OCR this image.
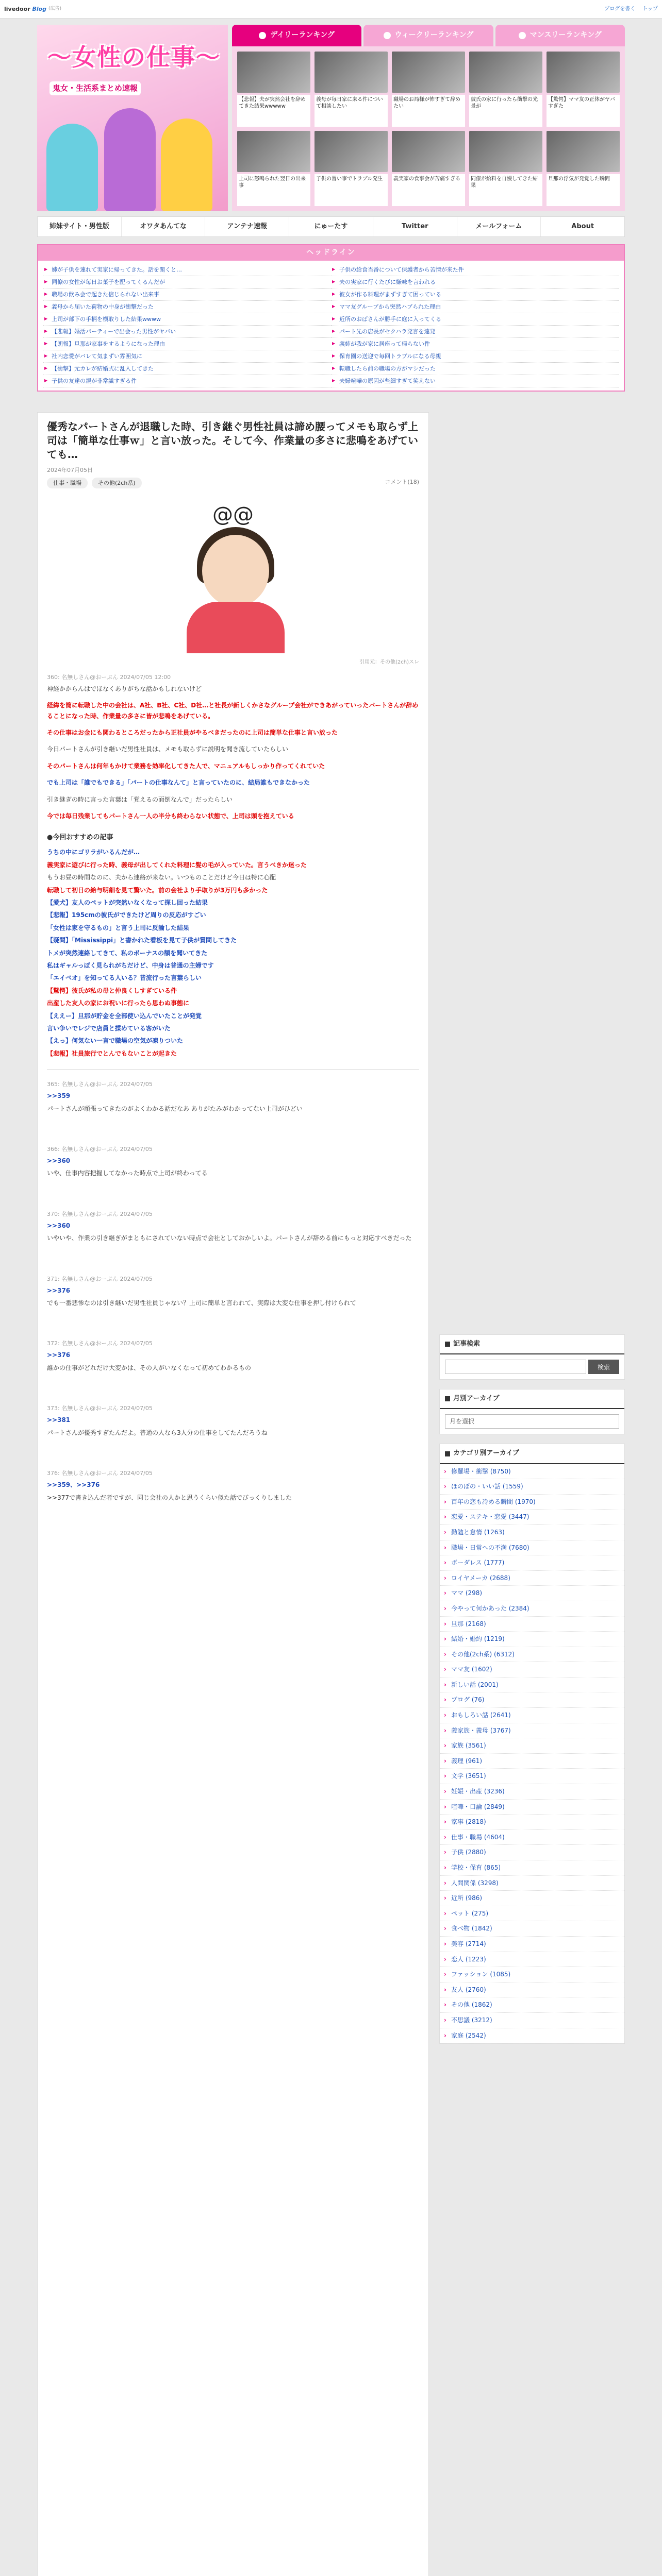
livedoor Blog (広告)	ブログを書く トップ
〜女性の仕事〜
鬼女・生活系まとめ速報
デイリーランキング	ウィークリーランキング	マンスリーランキング
【悲報】夫が突然会社を辞めてきた結果wwwww
義母が毎日家に来る件について相談したい
職場のお局様が怖すぎて辞めたい
彼氏の家に行ったら衝撃の光景が
【驚愕】ママ友の正体がヤバすぎた
上司に怒鳴られた翌日の出来事
子供の習い事でトラブル発生	義実家の食事会が苦痛すぎる	同僚が給料を自慢してきた結果
旦那の浮気が発覚した瞬間
姉妹サイト・男性版	オワタあんてな	アンテナ速報	にゅーたす	Twitter	メールフォーム	About
ヘッドライン
▶ 姉が子供を連れて実家に帰ってきた。話を聞くと…	▶ 子供の給食当番について保護者から苦情が来た件
▶ 同僚の女性が毎日お菓子を配ってくるんだが	▶ 夫の実家に行くたびに嫌味を言われる
▶ 職場の飲み会で起きた信じられない出来事	▶ 彼女が作る料理がまずすぎて困っている
▶ 義母から届いた荷物の中身が衝撃だった	▶ ママ友グループから突然ハブられた理由
▶ 上司が部下の手柄を横取りした結果wwww	▶ 近所のおばさんが勝手に庭に入ってくる
▶ 【悲報】婚活パーティーで出会った男性がヤバい	▶ パート先の店長がセクハラ発言を連発
▶ 【朗報】旦那が家事をするようになった理由	▶ 義姉が我が家に居座って帰らない件
▶ 社内恋愛がバレて気まずい雰囲気に	▶ 保育園の送迎で毎回トラブルになる母親
▶ 【衝撃】元カレが結婚式に乱入してきた	▶ 転職したら前の職場の方がマシだった
▶ 子供の友達の親が非常識すぎる件	▶ 夫婦喧嘩の原因が些細すぎて笑えない
優秀なパートさんが退職した時、引き継ぐ男性社員は諦め腰ってメモも取らず上司は「簡単な仕事ｗ」と言い放った。そして今、作業量の多さに悲鳴をあげていても…
2024年07月05日
仕事・職場	その他(2ch系)	コメント(18)
@@
引用元：その他(2ch)スレ
360: 名無しさん@おーぷん 2024/07/05 12:00
神経かからんはでほなくありがちな話かもしれないけど
経緯を簡に転職した中の会社は、A社、B社、C社、D社…と社長が新しくかさなグループ会社ができあがっていったパートさんが辞めることになった時、作業量の多さに皆が悲鳴をあげている。
その仕事はお金にも関わるところだったから正社員がやるべきだったのに上司は簡単な仕事と言い放った
今日パートさんが引き継いだ男性社員は、メモも取らずに説明を聞き流していたらしい
そのパートさんは何年もかけて業務を効率化してきた人で、マニュアルもしっかり作ってくれていた
でも上司は「誰でもできる」「パートの仕事なんて」と言っていたのに、結局誰もできなかった
引き継ぎの時に言った言葉は「覚えるの面倒なんで」だったらしい
今では毎日残業してもパートさん一人の半分も終わらない状態で、上司は頭を抱えている
●今回おすすめの記事
うちの中にゴリラがいるんだが…
義実家に遊びに行った時、義母が出してくれた料理に髪の毛が入っていた。言うべきか迷った
もうお昼の時間なのに、夫から連絡が来ない。いつものことだけど今日は特に心配
転職して初日の給与明細を見て驚いた。前の会社より手取りが3万円も多かった
【愛犬】友人のペットが突然いなくなって探し回った結果
【悲報】195cmの彼氏ができたけど周りの反応がすごい
「女性は家を守るもの」と言う上司に反論した結果
【疑問】「Mississippi」と書かれた看板を見て子供が質問してきた
トメが突然連絡してきて、私のボーナスの額を聞いてきた
私はギャルっぽく見られがちだけど、中身は普通の主婦です
「エイベオ」を知ってる人いる？昔流行った言葉らしい
【驚愕】彼氏が私の母と仲良くしすぎている件
出産した友人の家にお祝いに行ったら思わぬ事態に
【ええー】旦那が貯金を全部使い込んでいたことが発覚
言い争いでレジで店員と揉めている客がいた
【えっ】何気ない一言で職場の空気が凍りついた
【悲報】社員旅行でとんでもないことが起きた
365: 名無しさん@おーぷん 2024/07/05
>>359
パートさんが頑張ってきたのがよくわかる話だなあ ありがたみがわかってない上司がひどい
366: 名無しさん@おーぷん 2024/07/05
>>360
いや、仕事内容把握してなかった時点で上司が終わってる
370: 名無しさん@おーぷん 2024/07/05
>>360
いやいや、作業の引き継ぎがまともにされていない時点で会社としておかしいよ。パートさんが辞める前にもっと対応すべきだった
371: 名無しさん@おーぷん 2024/07/05
>>376
でも一番悲惨なのは引き継いだ男性社員じゃない？上司に簡単と言われて、実際は大変な仕事を押し付けられて
372: 名無しさん@おーぷん 2024/07/05
>>376
誰かの仕事がどれだけ大変かは、その人がいなくなって初めてわかるもの
373: 名無しさん@おーぷん 2024/07/05
>>381
パートさんが優秀すぎたんだよ。普通の人なら3人分の仕事をしてたんだろうね
376: 名無しさん@おーぷん 2024/07/05
>>359、>>376
>>377で書き込んだ者ですが、同じ会社の人かと思うくらい似た話でびっくりしました
記事検索
検索
月別アーカイブ
月を選択
カテゴリ別アーカイブ
› 修羅場・衝撃 (8750)
› ほのぼの・いい話 (1559)
› 百年の恋も冷める瞬間 (1970)
› 恋愛・ステキ・恋愛 (3447)
› 勤勉と怠惰 (1263)
› 職場・日常への不満 (7680)
› ボーダレス (1777)
› ロイヤメーカ (2688)
› ママ (298)
› 今やって何かあった (2384)
› 旦那 (2168)
› 結婚・婚約 (1219)
› その他(2ch系) (6312)
› ママ友 (1602)
› 新しい話 (2001)
› ブログ (76)
› おもしろい話 (2641)
› 義家族・義母 (3767)
› 家族 (3561)
› 義理 (961)
› 文学 (3651)
› 妊娠・出産 (3236)
› 喧嘩・口論 (2849)
› 家事 (2818)
› 仕事・職場 (4604)
› 子供 (2880)
› 学校・保育 (865)
› 人間関係 (3298)
› 近所 (986)
› ペット (275)
› 食べ物 (1842)
› 美容 (2714)
› 恋人 (1223)
› ファッション (1085)
› 友人 (2760)
› その他 (1862)
› 不思議 (3212)
› 家庭 (2542)
